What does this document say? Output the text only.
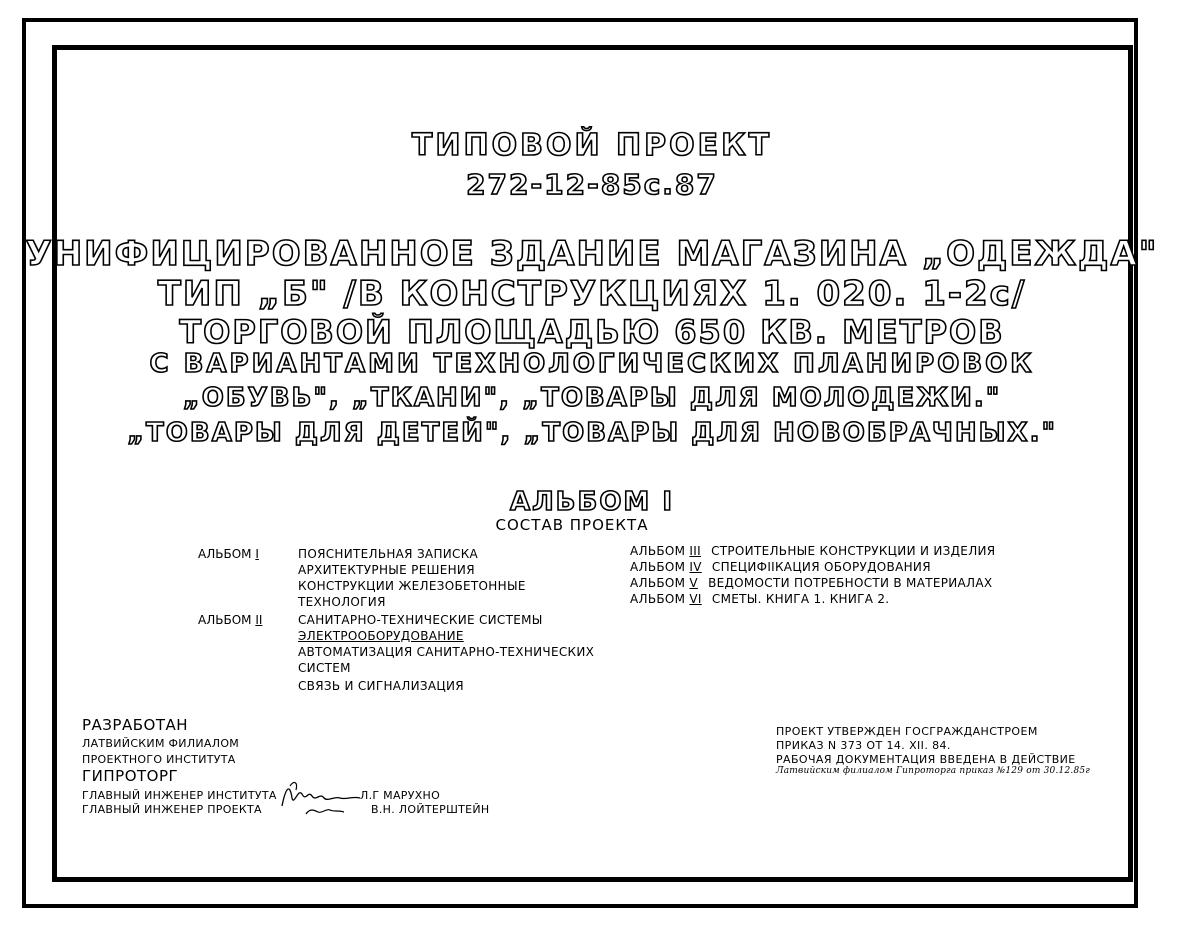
ТИПОВОЙ ПРОЕКТ
272-12-85с.87
УНИФИЦИРОВАННОЕ ЗДАНИЕ МАГАЗИНА „ОДЕЖДА"
ТИП „Б" /В КОНСТРУКЦИЯХ 1. 020. 1-2с/
ТОРГОВОЙ ПЛОЩАДЬЮ 650 КВ. МЕТРОВ
С ВАРИАНТАМИ ТЕХНОЛОГИЧЕСКИХ ПЛАНИРОВОК
„ОБУВЬ", „ТКАНИ", „ТОВАРЫ ДЛЯ МОЛОДЕЖИ."
„ТОВАРЫ ДЛЯ ДЕТЕЙ", „ТОВАРЫ ДЛЯ НОВОБРАЧНЫХ."
АЛЬБОМ I
СОСТАВ ПРОЕКТА
АЛЬБОМ I	ПОЯСНИТЕЛЬНАЯ ЗАПИСКА
АРХИТЕКТУРНЫЕ РЕШЕНИЯ
КОНСТРУКЦИИ ЖЕЛЕЗОБЕТОННЫЕ
ТЕХНОЛОГИЯ
АЛЬБОМ II	САНИТАРНО-ТЕХНИЧЕСКИЕ СИСТЕМЫ
ЭЛЕКТРООБОРУДОВАНИЕ
АВТОМАТИЗАЦИЯ САНИТАРНО-ТЕХНИЧЕСКИХ
СИСТЕМ
СВЯЗЬ И СИГНАЛИЗАЦИЯ
АЛЬБОМ III СТРОИТЕЛЬНЫЕ КОНСТРУКЦИИ И ИЗДЕЛИЯ
АЛЬБОМ IV СПЕЦИФIIКАЦИЯ ОБОРУДОВАНИЯ
АЛЬБОМ V ВЕДОМОСТИ ПОТРЕБНОСТИ В МАТЕРИАЛАХ
АЛЬБОМ VI СМЕТЫ. КНИГА 1. КНИГА 2.
РАЗРАБОТАН
ЛАТВИЙСКИМ ФИЛИАЛОМ
ПРОЕКТНОГО ИНСТИТУТА
ГИПРОТОРГ
ГЛАВНЫЙ ИНЖЕНЕР ИНСТИТУТА	Л.Г МАРУХНО
ГЛАВНЫЙ ИНЖЕНЕР ПРОЕКТА	В.Н. ЛОЙТЕРШТЕЙН
ПРОЕКТ УТВЕРЖДЕН ГОСГРАЖДАНСТРОЕМ
ПРИКАЗ N 373 ОТ 14. XII. 84.
РАБОЧАЯ ДОКУМЕНТАЦИЯ ВВЕДЕНА В ДЕЙСТВИЕ
Латвийским филиалом Гипроторга приказ №129 от 30.12.85г
